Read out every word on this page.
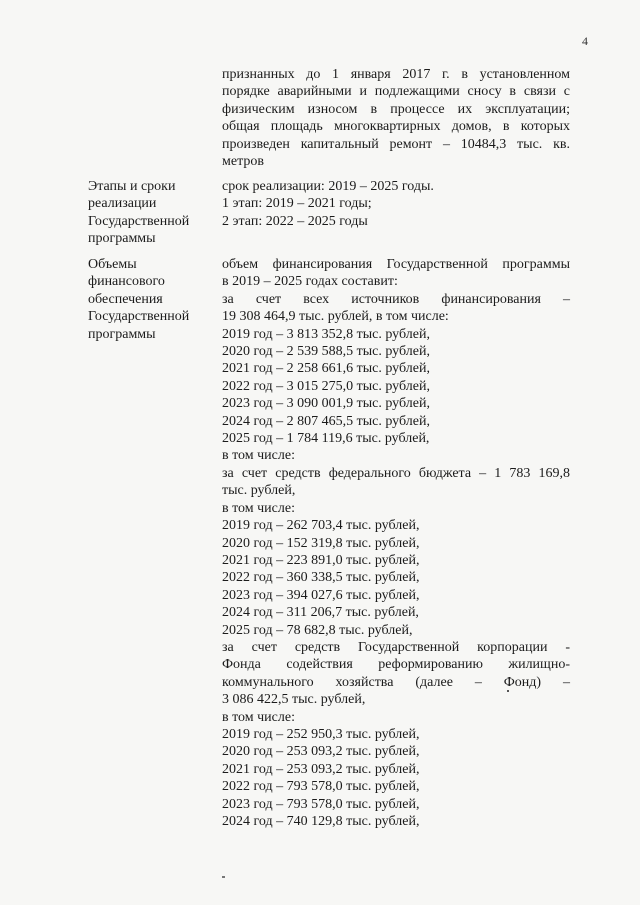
4
признанных до 1 января 2017 г. в установленном
порядке аварийными и подлежащими сносу в связи с
физическим износом в процессе их эксплуатации;
общая площадь многоквартирных домов, в которых
произведен капитальный ремонт – 10484,3 тыс. кв.
метров
Этапы и сроки
реализации
Государственной
программы
срок реализации: 2019 – 2025 годы.
1 этап: 2019 – 2021 годы;
2 этап: 2022 – 2025 годы
Объемы
финансового
обеспечения
Государственной
программы
объем финансирования Государственной программы
в 2019 – 2025 годах составит:
за счет всех источников финансирования –
19 308 464,9 тыс. рублей, в том числе:
2019 год – 3 813 352,8 тыс. рублей,
2020 год – 2 539 588,5 тыс. рублей,
2021 год – 2 258 661,6 тыс. рублей,
2022 год – 3 015 275,0 тыс. рублей,
2023 год – 3 090 001,9 тыс. рублей,
2024 год – 2 807 465,5 тыс. рублей,
2025 год – 1 784 119,6 тыс. рублей,
в том числе:
за счет средств федерального бюджета – 1 783 169,8
тыс. рублей,
в том числе:
2019 год – 262 703,4 тыс. рублей,
2020 год – 152 319,8 тыс. рублей,
2021 год – 223 891,0 тыс. рублей,
2022 год – 360 338,5 тыс. рублей,
2023 год – 394 027,6 тыс. рублей,
2024 год – 311 206,7 тыс. рублей,
2025 год – 78 682,8 тыс. рублей,
за счет средств Государственной корпорации -
Фонда содействия реформированию жилищно-
коммунального хозяйства (далее – Фонд) –
3 086 422,5 тыс. рублей,
в том числе:
2019 год – 252 950,3 тыс. рублей,
2020 год – 253 093,2 тыс. рублей,
2021 год – 253 093,2 тыс. рублей,
2022 год – 793 578,0 тыс. рублей,
2023 год – 793 578,0 тыс. рублей,
2024 год – 740 129,8 тыс. рублей,
